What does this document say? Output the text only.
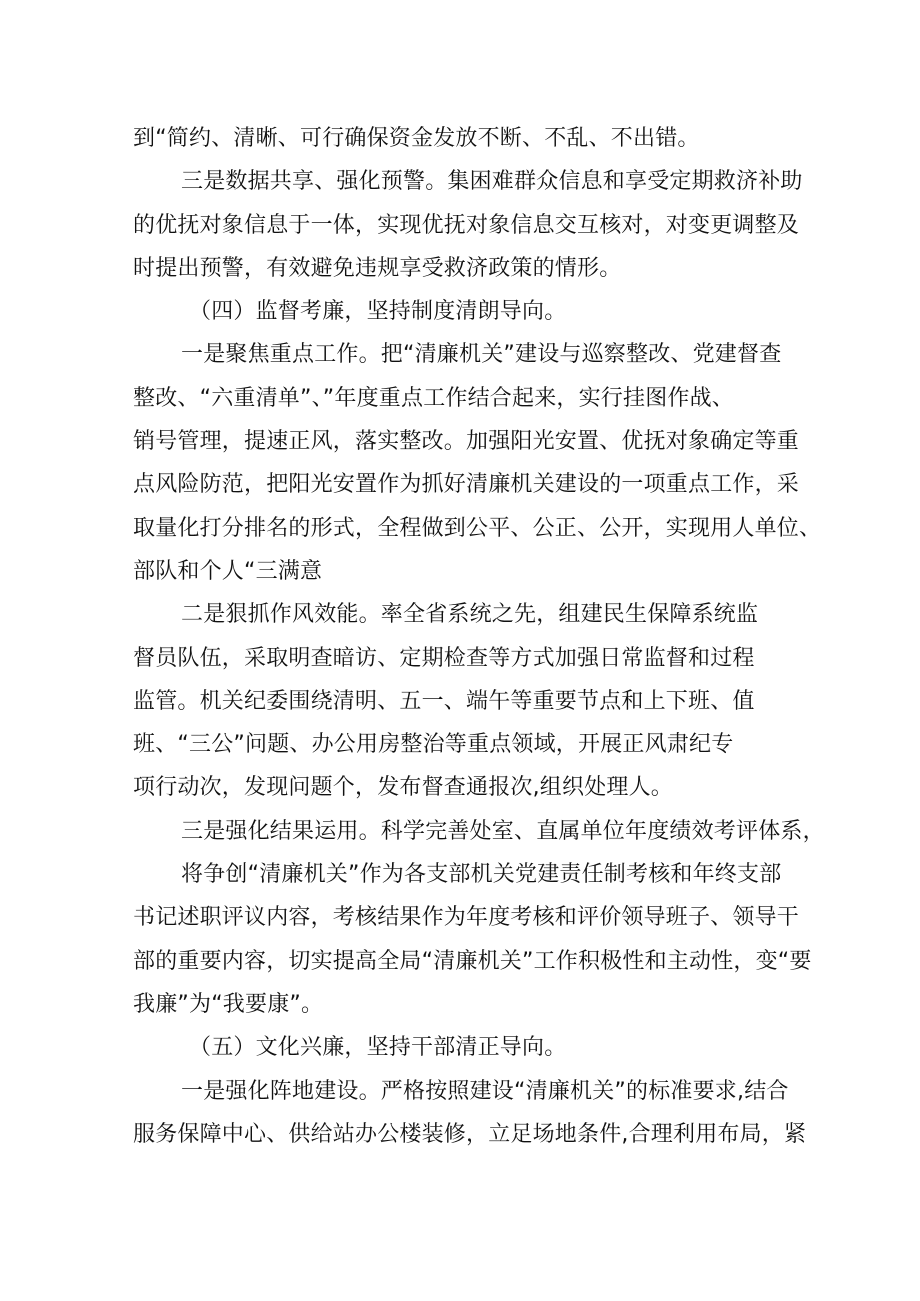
到“简约、清晰、可行确保资金发放不断、不乱、不出错。
三是数据共享、强化预警。集困难群众信息和享受定期救济补助
的优抚对象信息于一体，实现优抚对象信息交互核对，对变更调整及
时提出预警，有效避免违规享受救济政策的情形。
（四）监督考廉，坚持制度清朗导向。
一是聚焦重点工作。把“清廉机关”建设与巡察整改、党建督查
整改、“六重清单”、”年度重点工作结合起来，实行挂图作战、
销号管理，提速正风，落实整改。加强阳光安置、优抚对象确定等重
点风险防范，把阳光安置作为抓好清廉机关建设的一项重点工作，采
取量化打分排名的形式，全程做到公平、公正、公开，实现用人单位、
部队和个人“三满意
二是狠抓作风效能。率全省系统之先，组建民生保障系统监
督员队伍，采取明查暗访、定期检查等方式加强日常监督和过程
监管。机关纪委围绕清明、五一、端午等重要节点和上下班、值
班、“三公”问题、办公用房整治等重点领域，开展正风肃纪专
项行动次，发现问题个，发布督查通报次,组织处理人。
三是强化结果运用。科学完善处室、直属单位年度绩效考评体系，
将争创“清廉机关”作为各支部机关党建责任制考核和年终支部
书记述职评议内容，考核结果作为年度考核和评价领导班子、领导干
部的重要内容，切实提高全局“清廉机关”工作积极性和主动性，变“要
我廉”为“我要康”。
（五）文化兴廉，坚持干部清正导向。
一是强化阵地建设。严格按照建设“清廉机关”的标准要求,结合
服务保障中心、供给站办公楼装修，立足场地条件,合理利用布局，紧
